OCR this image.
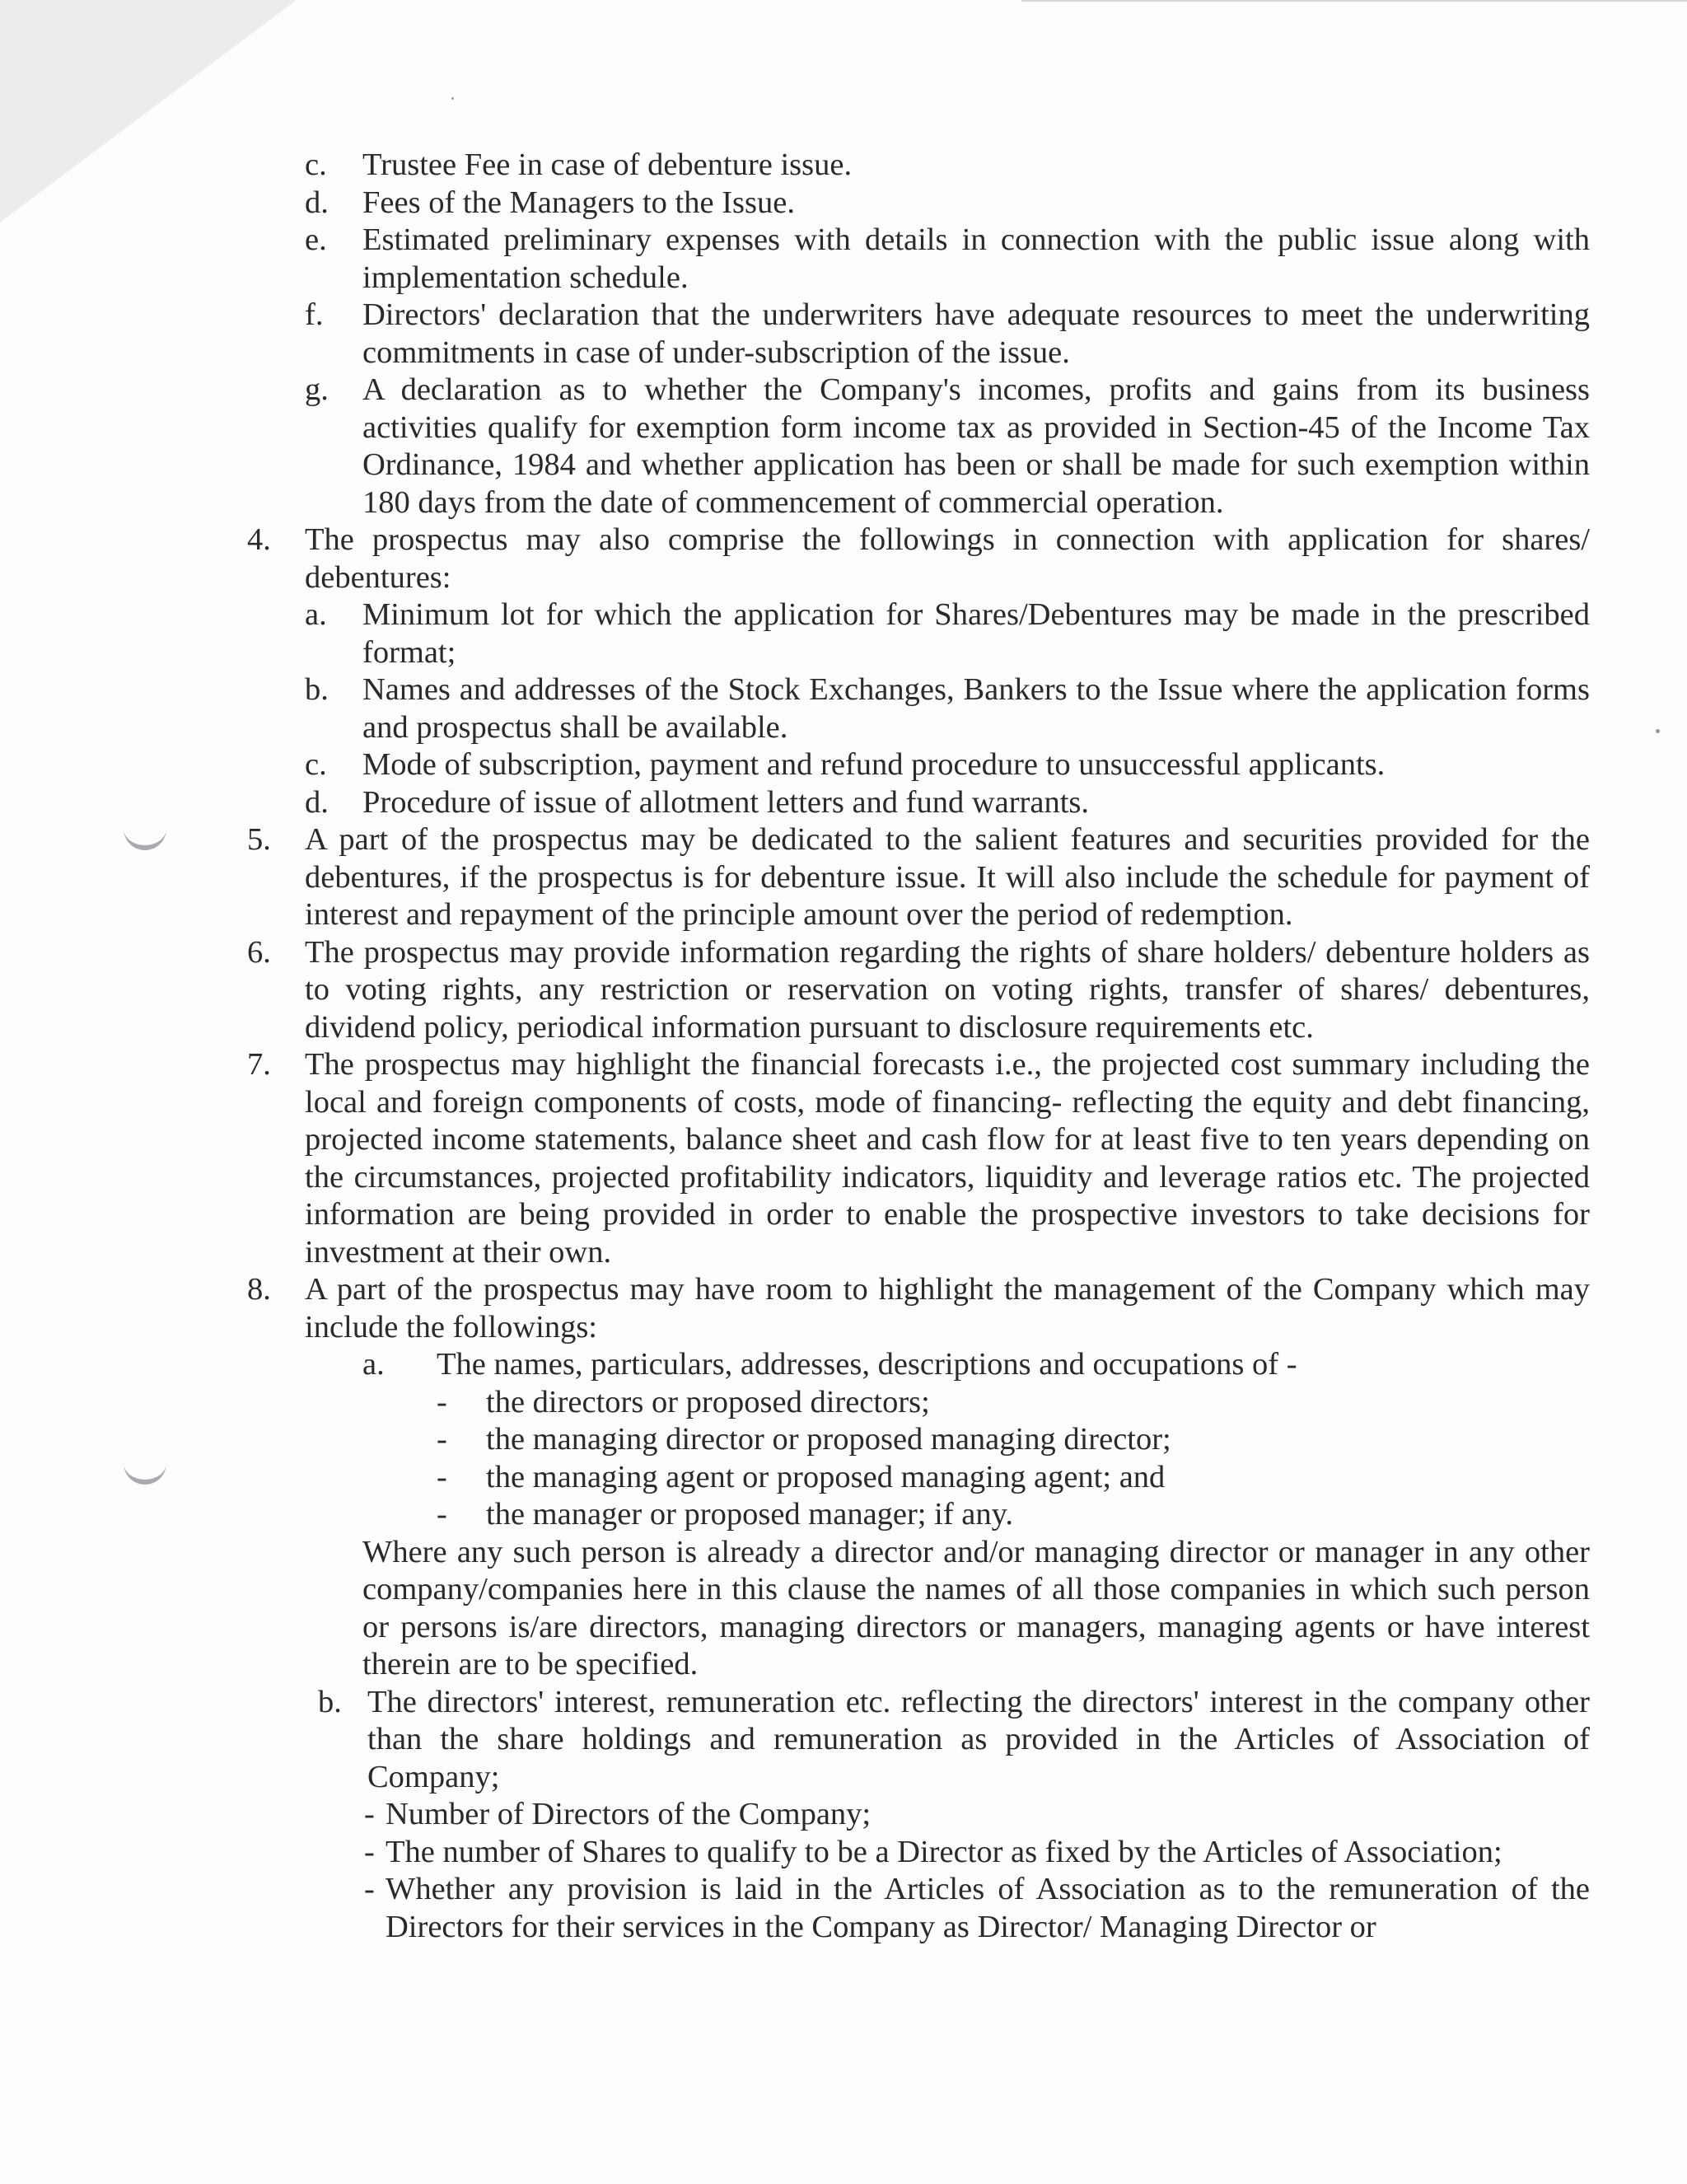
c.	Trustee Fee in case of debenture issue.
d.	Fees of the Managers to the Issue.
e.	Estimated preliminary expenses with details in connection with the public issue along with implementation schedule.
f.	Directors' declaration that the underwriters have adequate resources to meet the underwriting commitments in case of under-subscription of the issue.
g.	A declaration as to whether the Company's incomes, profits and gains from its business activities qualify for exemption form income tax as provided in Section-45 of the Income Tax Ordinance, 1984 and whether application has been or shall be made for such exemption within 180 days from the date of commencement of commercial operation.
4.	The prospectus may also comprise the followings in connection with application for shares/ debentures:
a.	Minimum lot for which the application for Shares/Debentures may be made in the prescribed format;
b.	Names and addresses of the Stock Exchanges, Bankers to the Issue where the application forms and prospectus shall be available.
c.	Mode of subscription, payment and refund procedure to unsuccessful applicants.
d.	Procedure of issue of allotment letters and fund warrants.
5.	A part of the prospectus may be dedicated to the salient features and securities provided for the debentures, if the prospectus is for debenture issue. It will also include the schedule for payment of interest and repayment of the principle amount over the period of redemption.
6.	The prospectus may provide information regarding the rights of share holders/ debenture holders as to voting rights, any restriction or reservation on voting rights, transfer of shares/ debentures, dividend policy, periodical information pursuant to disclosure requirements etc.
7.	The prospectus may highlight the financial forecasts i.e., the projected cost summary including the local and foreign components of costs, mode of financing- reflecting the equity and debt financing, projected income statements, balance sheet and cash flow for at least five to ten years depending on the circumstances, projected profitability indicators, liquidity and leverage ratios etc. The projected information are being provided in order to enable the prospective investors to take decisions for investment at their own.
8.	A part of the prospectus may have room to highlight the management of the Company which may include the followings:
a.	The names, particulars, addresses, descriptions and occupations of -
-	the directors or proposed directors;
-	the managing director or proposed managing director;
-	the managing agent or proposed managing agent; and
-	the manager or proposed manager; if any.
Where any such person is already a director and/or managing director or manager in any other company/companies here in this clause the names of all those companies in which such person or persons is/are directors, managing directors or managers, managing agents or have interest therein are to be specified.
b. The directors' interest, remuneration etc. reflecting the directors' interest in the company other than the share holdings and remuneration as provided in the Articles of Association of Company;
- Number of Directors of the Company;
- The number of Shares to qualify to be a Director as fixed by the Articles of Association;
- Whether any provision is laid in the Articles of Association as to the remuneration of the Directors for their services in the Company as Director/ Managing Director or
